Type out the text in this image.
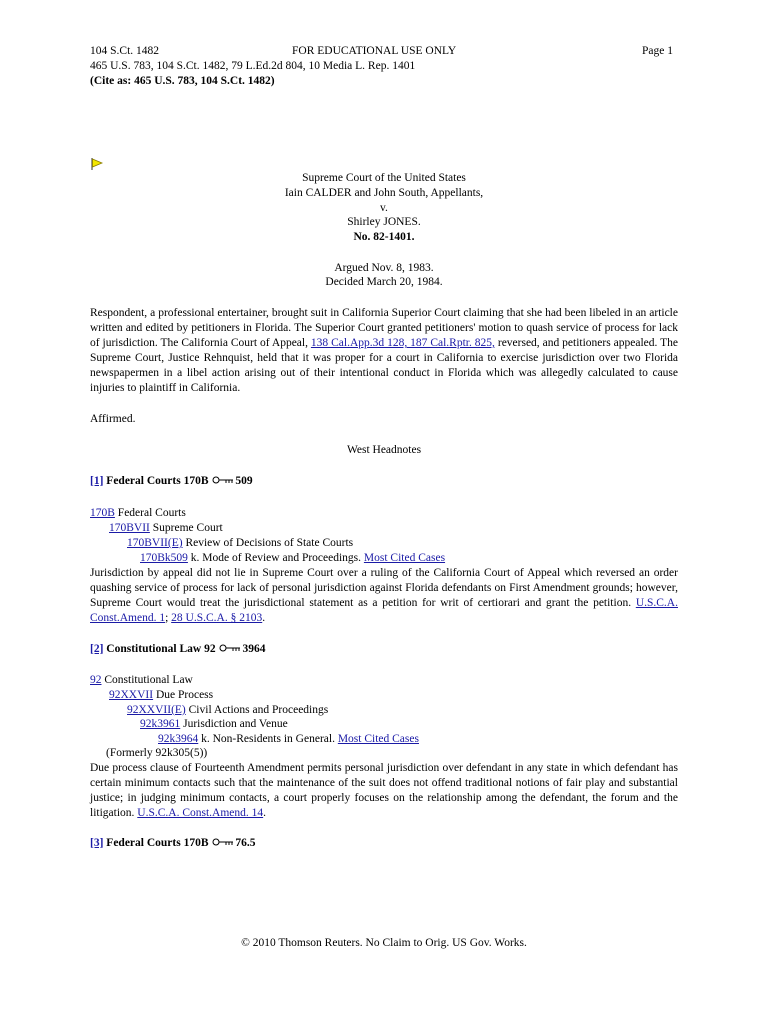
104 S.Ct. 1482	FOR EDUCATIONAL USE ONLY	Page 1
465 U.S. 783, 104 S.Ct. 1482, 79 L.Ed.2d 804, 10 Media L. Rep. 1401
(Cite as: 465 U.S. 783, 104 S.Ct. 1482)
Supreme Court of the United States
Iain CALDER and John South, Appellants,
v.
Shirley JONES.
No. 82-1401.
Argued Nov. 8, 1983.
Decided March 20, 1984.
Respondent, a professional entertainer, brought suit in California Superior Court claiming that she had been libeled in an article written and edited by petitioners in Florida. The Superior Court granted petitioners' motion to quash service of process for lack of jurisdiction. The California Court of Appeal, 138 Cal.App.3d 128, 187 Cal.Rptr. 825, reversed, and petitioners appealed. The Supreme Court, Justice Rehnquist, held that it was proper for a court in California to exercise jurisdiction over two Florida newspapermen in a libel action arising out of their intentional conduct in Florida which was allegedly calculated to cause injuries to plaintiff in California.
Affirmed.
West Headnotes
[1] Federal Courts 170B 509
170B Federal Courts
170BVII Supreme Court
170BVII(E) Review of Decisions of State Courts
170Bk509 k. Mode of Review and Proceedings. Most Cited Cases
Jurisdiction by appeal did not lie in Supreme Court over a ruling of the California Court of Appeal which reversed an order quashing service of process for lack of personal jurisdiction against Florida defendants on First Amendment grounds; however, Supreme Court would treat the jurisdictional statement as a petition for writ of certiorari and grant the petition. U.S.C.A. Const.Amend. 1; 28 U.S.C.A. § 2103.
[2] Constitutional Law 92 3964
92 Constitutional Law
92XXVII Due Process
92XXVII(E) Civil Actions and Proceedings
92k3961 Jurisdiction and Venue
92k3964 k. Non-Residents in General. Most Cited Cases
(Formerly 92k305(5))
Due process clause of Fourteenth Amendment permits personal jurisdiction over defendant in any state in which defendant has certain minimum contacts such that the maintenance of the suit does not offend traditional notions of fair play and substantial justice; in judging minimum contacts, a court properly focuses on the relationship among the defendant, the forum and the litigation. U.S.C.A. Const.Amend. 14.
[3] Federal Courts 170B 76.5
© 2010 Thomson Reuters. No Claim to Orig. US Gov. Works.
